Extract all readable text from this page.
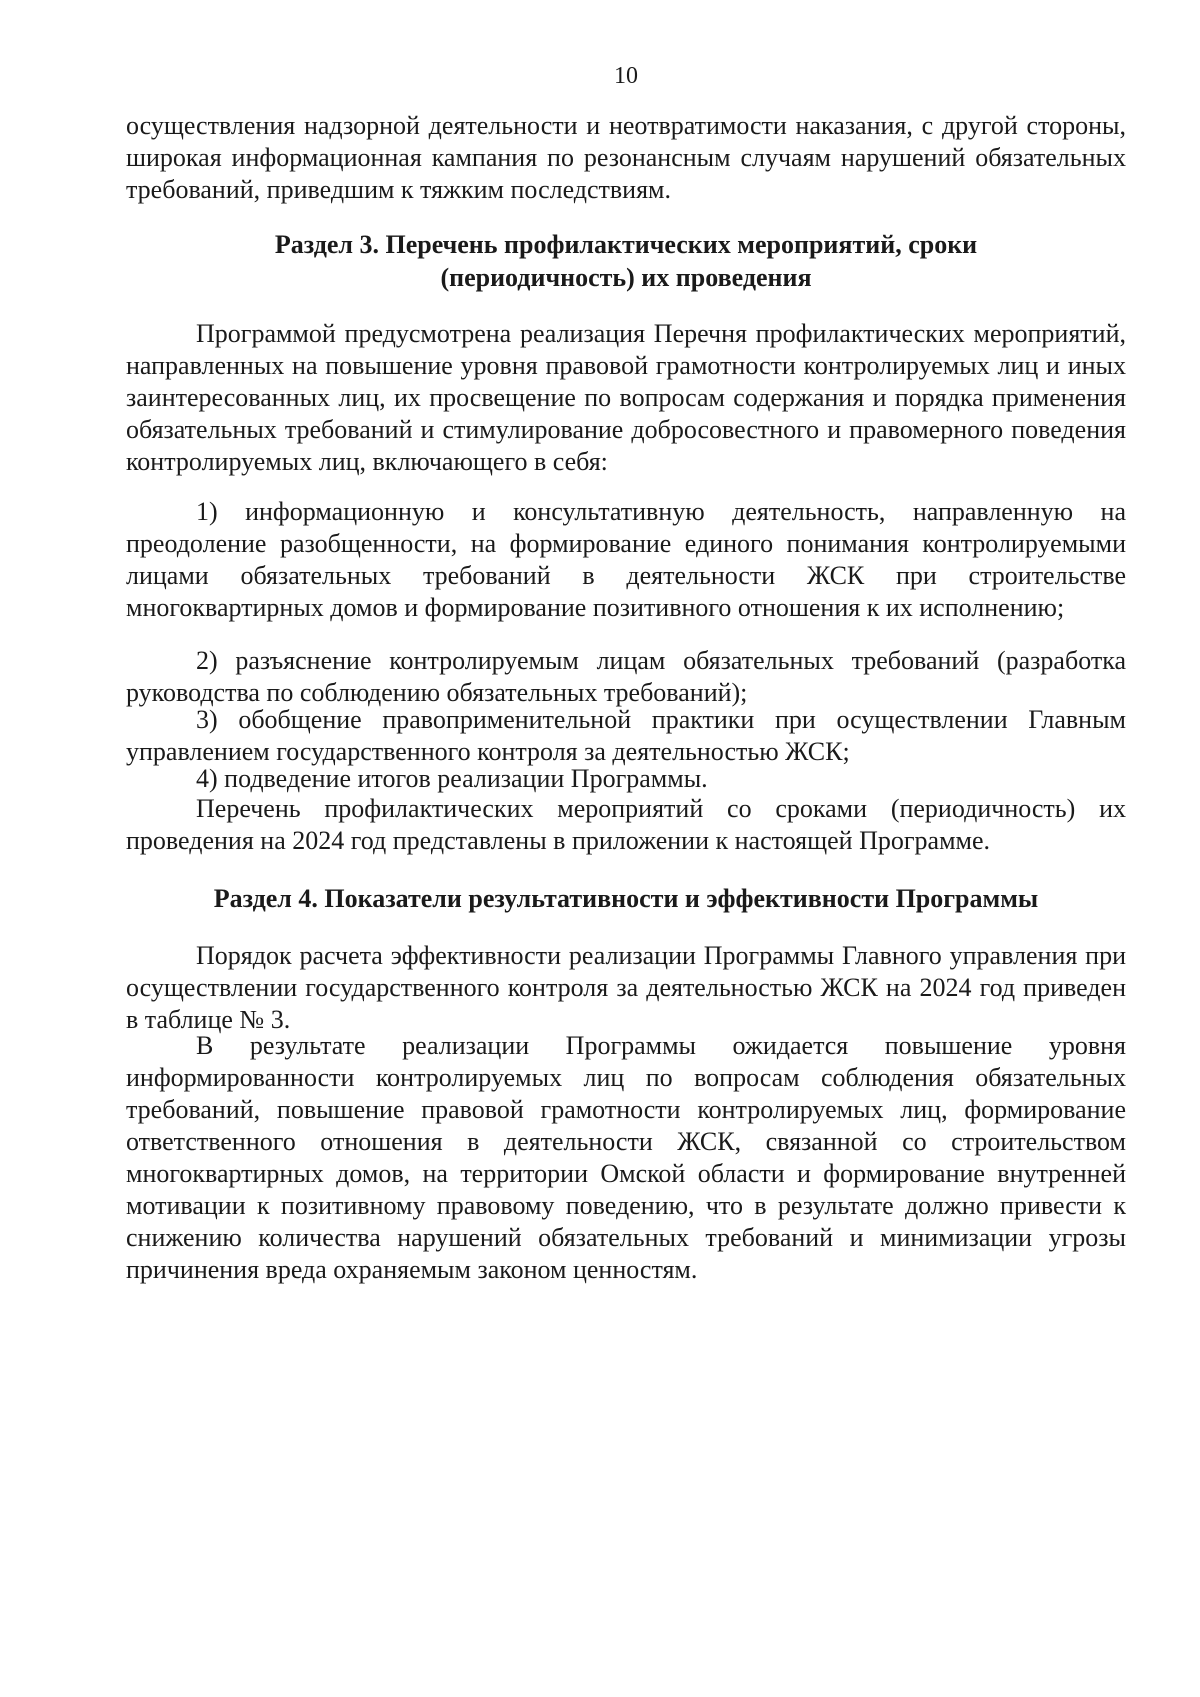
10

осуществления надзорной деятельности и неотвратимости наказания, с другой стороны, широкая информационная кампания по резонансным случаям нарушений обязательных требований, приведшим к тяжким последствиям.

Раздел 3. Перечень профилактических мероприятий, сроки
(периодичность) их проведения

Программой предусмотрена реализация Перечня профилактических мероприятий, направленных на повышение уровня правовой грамотности контролируемых лиц и иных заинтересованных лиц, их просвещение по вопросам содержания и порядка применения обязательных требований и стимулирование добросовестного и правомерного поведения контролируемых лиц, включающего в себя:

1) информационную и консультативную деятельность, направленную на преодоление разобщенности, на формирование единого понимания контролируемыми лицами обязательных требований в деятельности ЖСК при строительстве многоквартирных домов и формирование позитивного отношения к их исполнению;

2) разъяснение контролируемым лицам обязательных требований (разработка руководства по соблюдению обязательных требований);

3) обобщение правоприменительной практики при осуществлении Главным управлением государственного контроля за деятельностью ЖСК;

4) подведение итогов реализации Программы.

Перечень профилактических мероприятий со сроками (периодичность) их проведения на 2024 год представлены в приложении к настоящей Программе.

Раздел 4. Показатели результативности и эффективности Программы

Порядок расчета эффективности реализации Программы Главного управления при осуществлении государственного контроля за деятельностью ЖСК на 2024 год приведен в таблице № 3.

В результате реализации Программы ожидается повышение уровня информированности контролируемых лиц по вопросам соблюдения обязательных требований, повышение правовой грамотности контролируемых лиц, формирование ответственного отношения в деятельности ЖСК, связанной со строительством многоквартирных домов, на территории Омской области и формирование внутренней мотивации к позитивному правовому поведению, что в результате должно привести к снижению количества нарушений обязательных требований и минимизации угрозы причинения вреда охраняемым законом ценностям.
